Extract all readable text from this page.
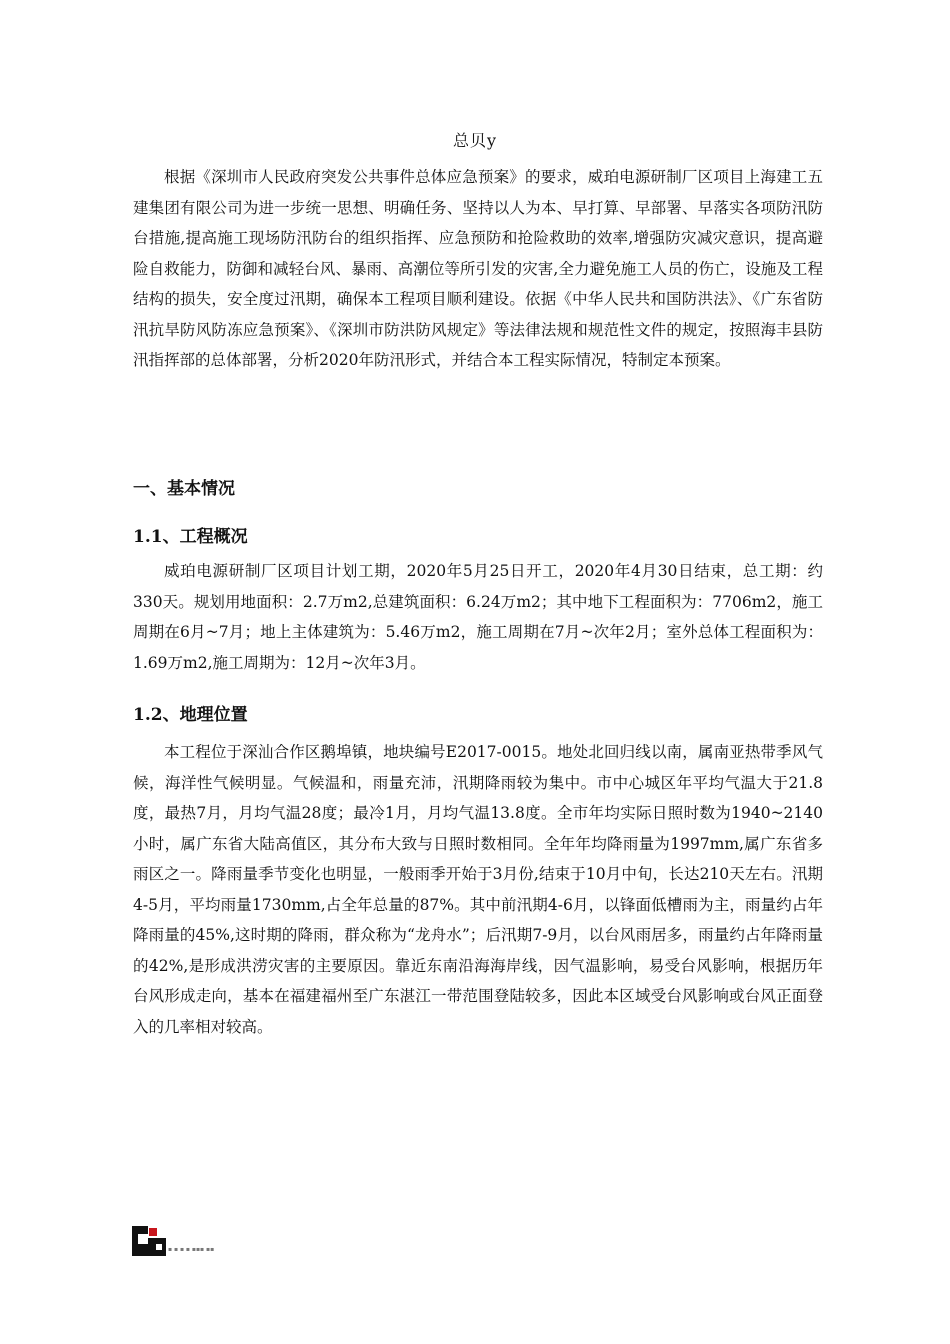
总贝y

根据《深圳市人民政府突发公共事件总体应急预案》的要求，威珀电源研制厂区项目上海建工五建集团有限公司为进一步统一思想、明确任务、坚持以人为本、早打算、早部署、早落实各项防汛防台措施,提高施工现场防汛防台的组织指挥、应急预防和抢险救助的效率,增强防灾减灾意识，提高避险自救能力，防御和减轻台风、暴雨、高潮位等所引发的灾害,全力避免施工人员的伤亡，设施及工程结构的损失，安全度过汛期，确保本工程项目顺利建设。依据《中华人民共和国防洪法》、《广东省防汛抗旱防风防冻应急预案》、《深圳市防洪防风规定》等法律法规和规范性文件的规定，按照海丰县防汛指挥部的总体部署，分析2020年防汛形式，并结合本工程实际情况，特制定本预案。

一、基本情况
1.1、工程概况

威珀电源研制厂区项目计划工期，2020年5月25日开工，2020年4月30日结束，总工期：约330天。规划用地面积：2.7万m2,总建筑面积：6.24万m2；其中地下工程面积为：7706m2，施工周期在6月~7月；地上主体建筑为：5.46万m2，施工周期在7月~次年2月；室外总体工程面积为：1.69万m2,施工周期为：12月~次年3月。

1.2、地理位置

本工程位于深汕合作区鹅埠镇，地块编号E2017-0015。地处北回归线以南，属南亚热带季风气候，海洋性气候明显。气候温和，雨量充沛，汛期降雨较为集中。市中心城区年平均气温大于21.8度，最热7月，月均气温28度；最冷1月，月均气温13.8度。全市年均实际日照时数为1940~2140小时，属广东省大陆高值区，其分布大致与日照时数相同。全年年均降雨量为1997mm,属广东省多雨区之一。降雨量季节变化也明显，一般雨季开始于3月份,结束于10月中旬，长达210天左右。汛期4-5月，平均雨量1730mm,占全年总量的87%。其中前汛期4-6月，以锋面低槽雨为主，雨量约占年降雨量的45%,这时期的降雨，群众称为“龙舟水”；后汛期7-9月，以台风雨居多，雨量约占年降雨量的42%,是形成洪涝灾害的主要原因。靠近东南沿海海岸线，因气温影响，易受台风影响，根据历年台风形成走向，基本在福建福州至广东湛江一带范围登陆较多，因此本区域受台风影响或台风正面登入的几率相对较高。

▪ ▪ ▪ ▪ ▪▪▪ ▪▪
